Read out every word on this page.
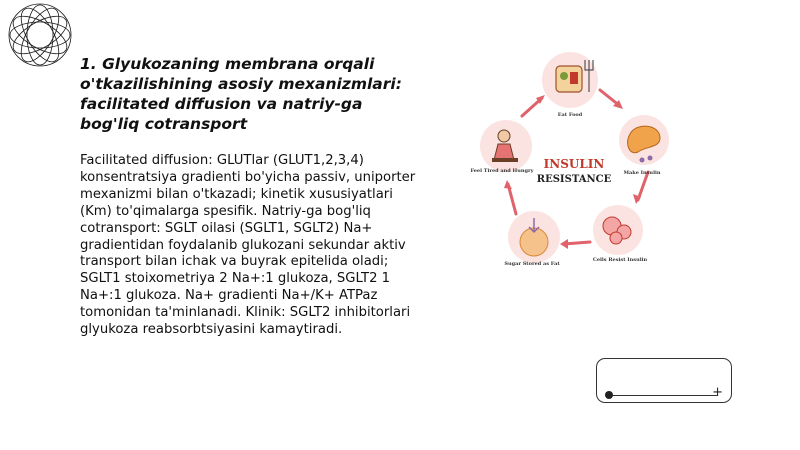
1. Glyukozaning membrana orqali o'tkazilishining asosiy mexanizmlari: facilitated diffusion va natriy-ga bog'liq cotransport

Facilitated diffusion: GLUTlar (GLUT1,2,3,4) konsentratsiya gradienti bo'yicha passiv, uniporter mexanizmi bilan o'tkazadi; kinetik xususiyatlari (Km) to'qimalarga spesifik. Natriy-ga bog'liq cotransport: SGLT oilasi (SGLT1, SGLT2) Na+ gradientidan foydalanib glukozani sekundar aktiv transport bilan ichak va buyrak epitelida oladi; SGLT1 stoixometriya 2 Na+:1 glukoza, SGLT2 1 Na+:1 glukoza. Na+ gradienti Na+/K+ ATPaz tomonidan ta'minlanadi. Klinik: SGLT2 inhibitorlari glyukoza reabsorbtsiyasini kamaytiradi.

Eat Food
Make Insulin
Cells Resist Insulin
Sugar Stored as Fat
Feel Tired and Hungry INSULIN
RESISTANCE
+
